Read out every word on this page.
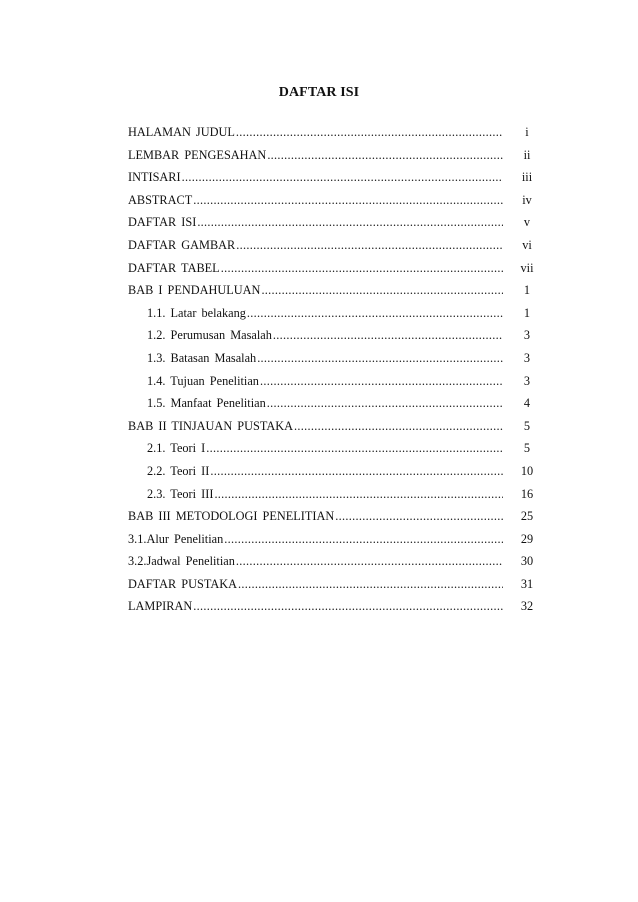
DAFTAR ISI
HALAMAN JUDUL .....	i
LEMBAR PENGESAHAN .....	ii
INTISARI .....	iii
ABSTRACT .....	iv
DAFTAR ISI .....	v
DAFTAR GAMBAR .....	vi
DAFTAR TABEL .....	vii
BAB I PENDAHULUAN .....	1
1.1. Latar belakang .....	1
1.2. Perumusan Masalah .....	3
1.3. Batasan Masalah .....	3
1.4. Tujuan Penelitian .....	3
1.5. Manfaat Penelitian .....	4
BAB II TINJAUAN PUSTAKA .....	5
2.1. Teori I .....	5
2.2. Teori II .....	10
2.3. Teori III .....	16
BAB III METODOLOGI PENELITIAN .....	25
3.1.Alur Penelitian .....	29
3.2.Jadwal Penelitian .....	30
DAFTAR PUSTAKA .....	31
LAMPIRAN .....	32
